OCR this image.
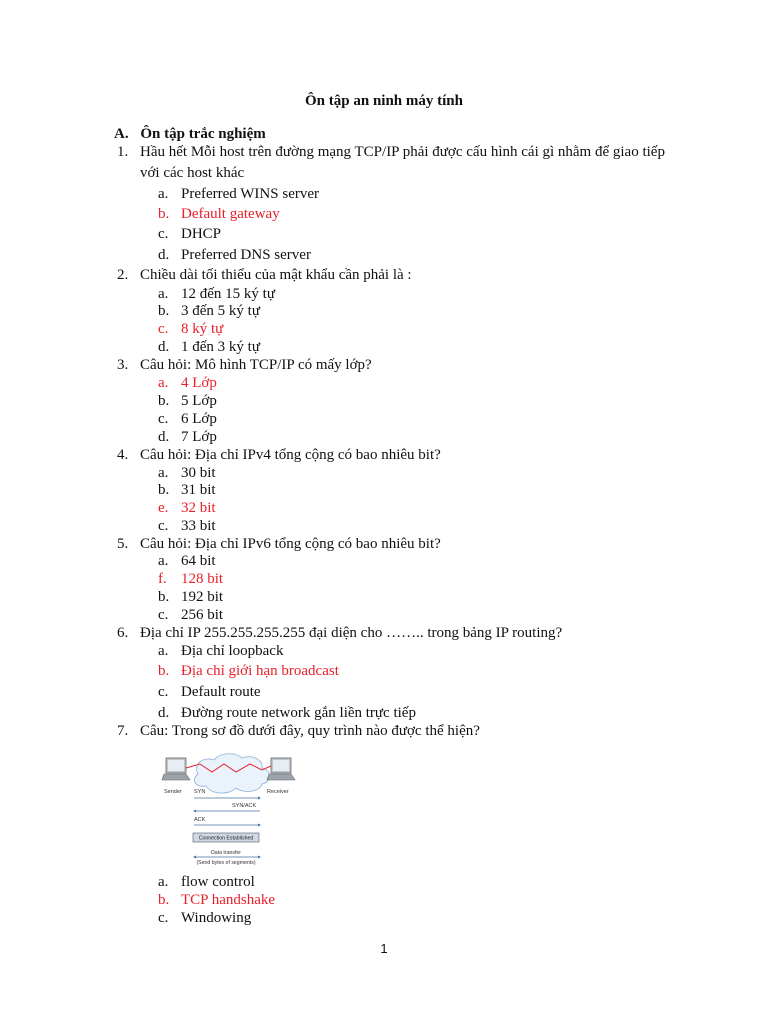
Ôn tập an ninh máy tính
A. Ôn tập trắc nghiệm
1. Hầu hết Mỗi host trên đường mạng TCP/IP phải được cấu hình cái gì nhằm để giao tiếp
với các host khác
a. Preferred WINS server
b. Default gateway
c. DHCP
d. Preferred DNS server
2. Chiều dài tối thiểu của mật khẩu cần phải là :
a. 12 đến 15 ký tự
b. 3 đến 5 ký tự
c. 8 ký tự
d. 1 đến 3 ký tự
3. Câu hỏi: Mô hình TCP/IP có mấy lớp?
a. 4 Lớp
b. 5 Lớp
c. 6 Lớp
d. 7 Lớp
4. Câu hỏi: Địa chỉ IPv4 tổng cộng có bao nhiêu bit?
a. 30 bit
b. 31 bit
e. 32 bit
c. 33 bit
5. Câu hỏi: Địa chỉ IPv6 tổng cộng có bao nhiêu bit?
a. 64 bit
f. 128 bit
b. 192 bit
c. 256 bit
6. Địa chỉ IP 255.255.255.255 đại diện cho …….. trong bảng IP routing?
a. Địa chỉ loopback
b. Địa chỉ giới hạn broadcast
c. Default route
d. Đường route network gắn liền trực tiếp
7. Câu: Trong sơ đồ dưới đây, quy trình nào được thể hiện?
a. flow control
b. TCP handshake
c. Windowing
Sender	Receiver
SYN
SYN/ACK
ACK
Connection Established
Data transfer
(Send bytes of segments)
1
